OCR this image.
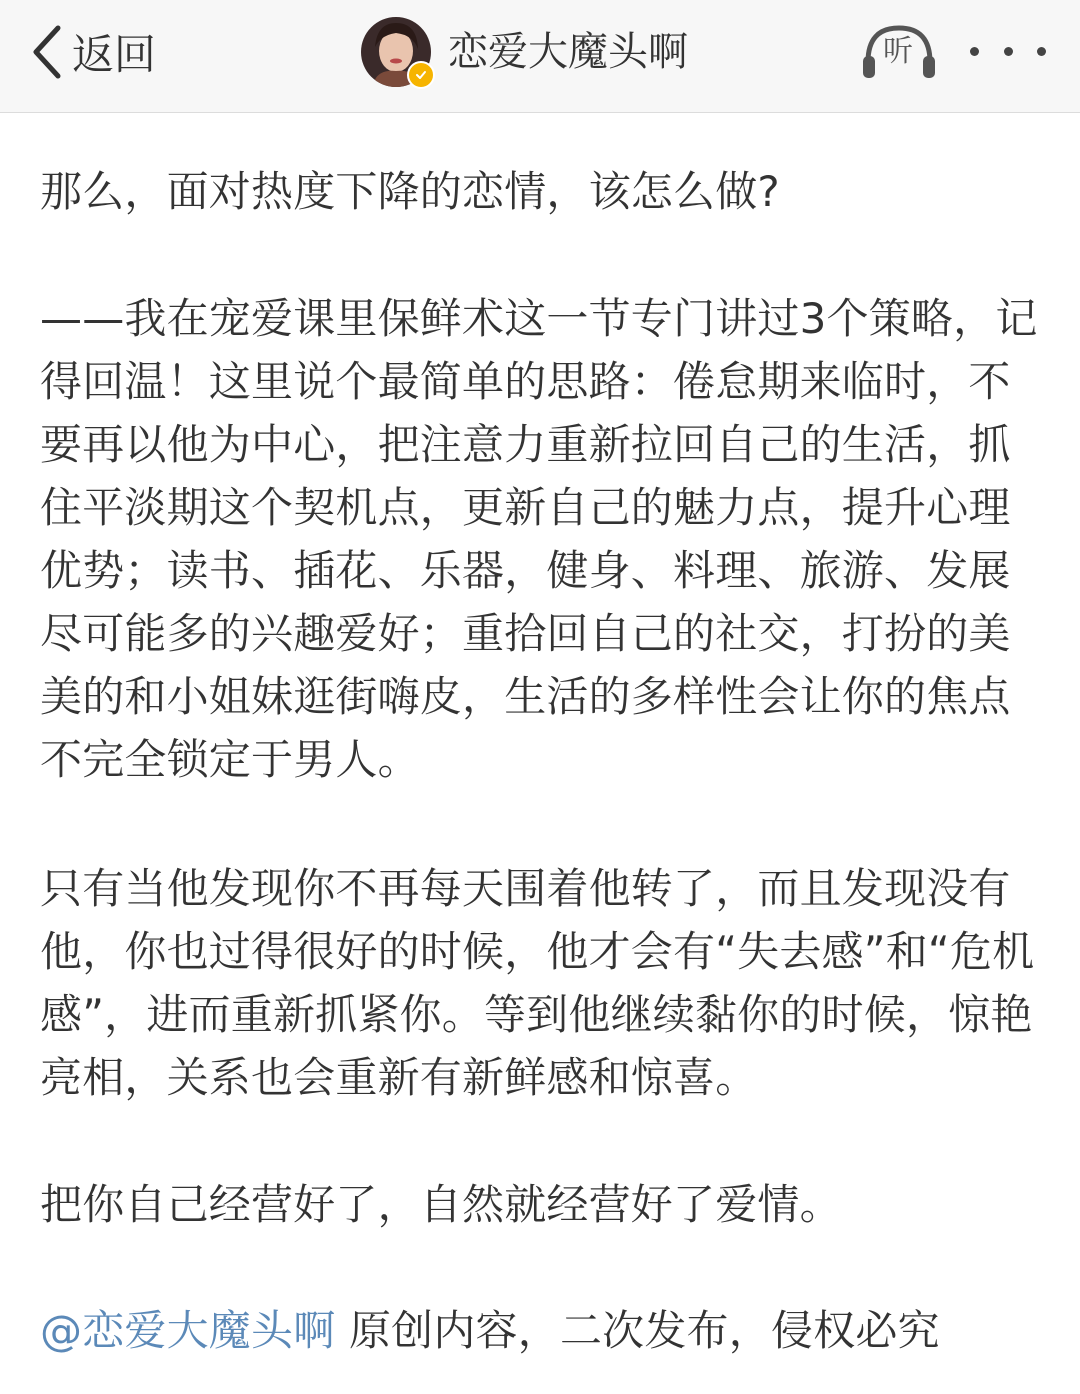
返回	恋爱大魔头啊	听

那么，面对热度下降的恋情，该怎么做?

——我在宠爱课里保鲜术这一节专门讲过3个策略，记得回温！这里说个最简单的思路：倦怠期来临时，不要再以他为中心，把注意力重新拉回自己的生活，抓住平淡期这个契机点，更新自己的魅力点，提升心理优势；读书、插花、乐器，健身、料理、旅游、发展尽可能多的兴趣爱好；重拾回自己的社交，打扮的美美的和小姐妹逛街嗨皮，生活的多样性会让你的焦点不完全锁定于男人。

只有当他发现你不再每天围着他转了，而且发现没有他，你也过得很好的时候，他才会有“失去感”和“危机感”，进而重新抓紧你。等到他继续黏你的时候，惊艳亮相，关系也会重新有新鲜感和惊喜。

把你自己经营好了，自然就经营好了爱情。

@恋爱大魔头啊 原创内容，二次发布，侵权必究
